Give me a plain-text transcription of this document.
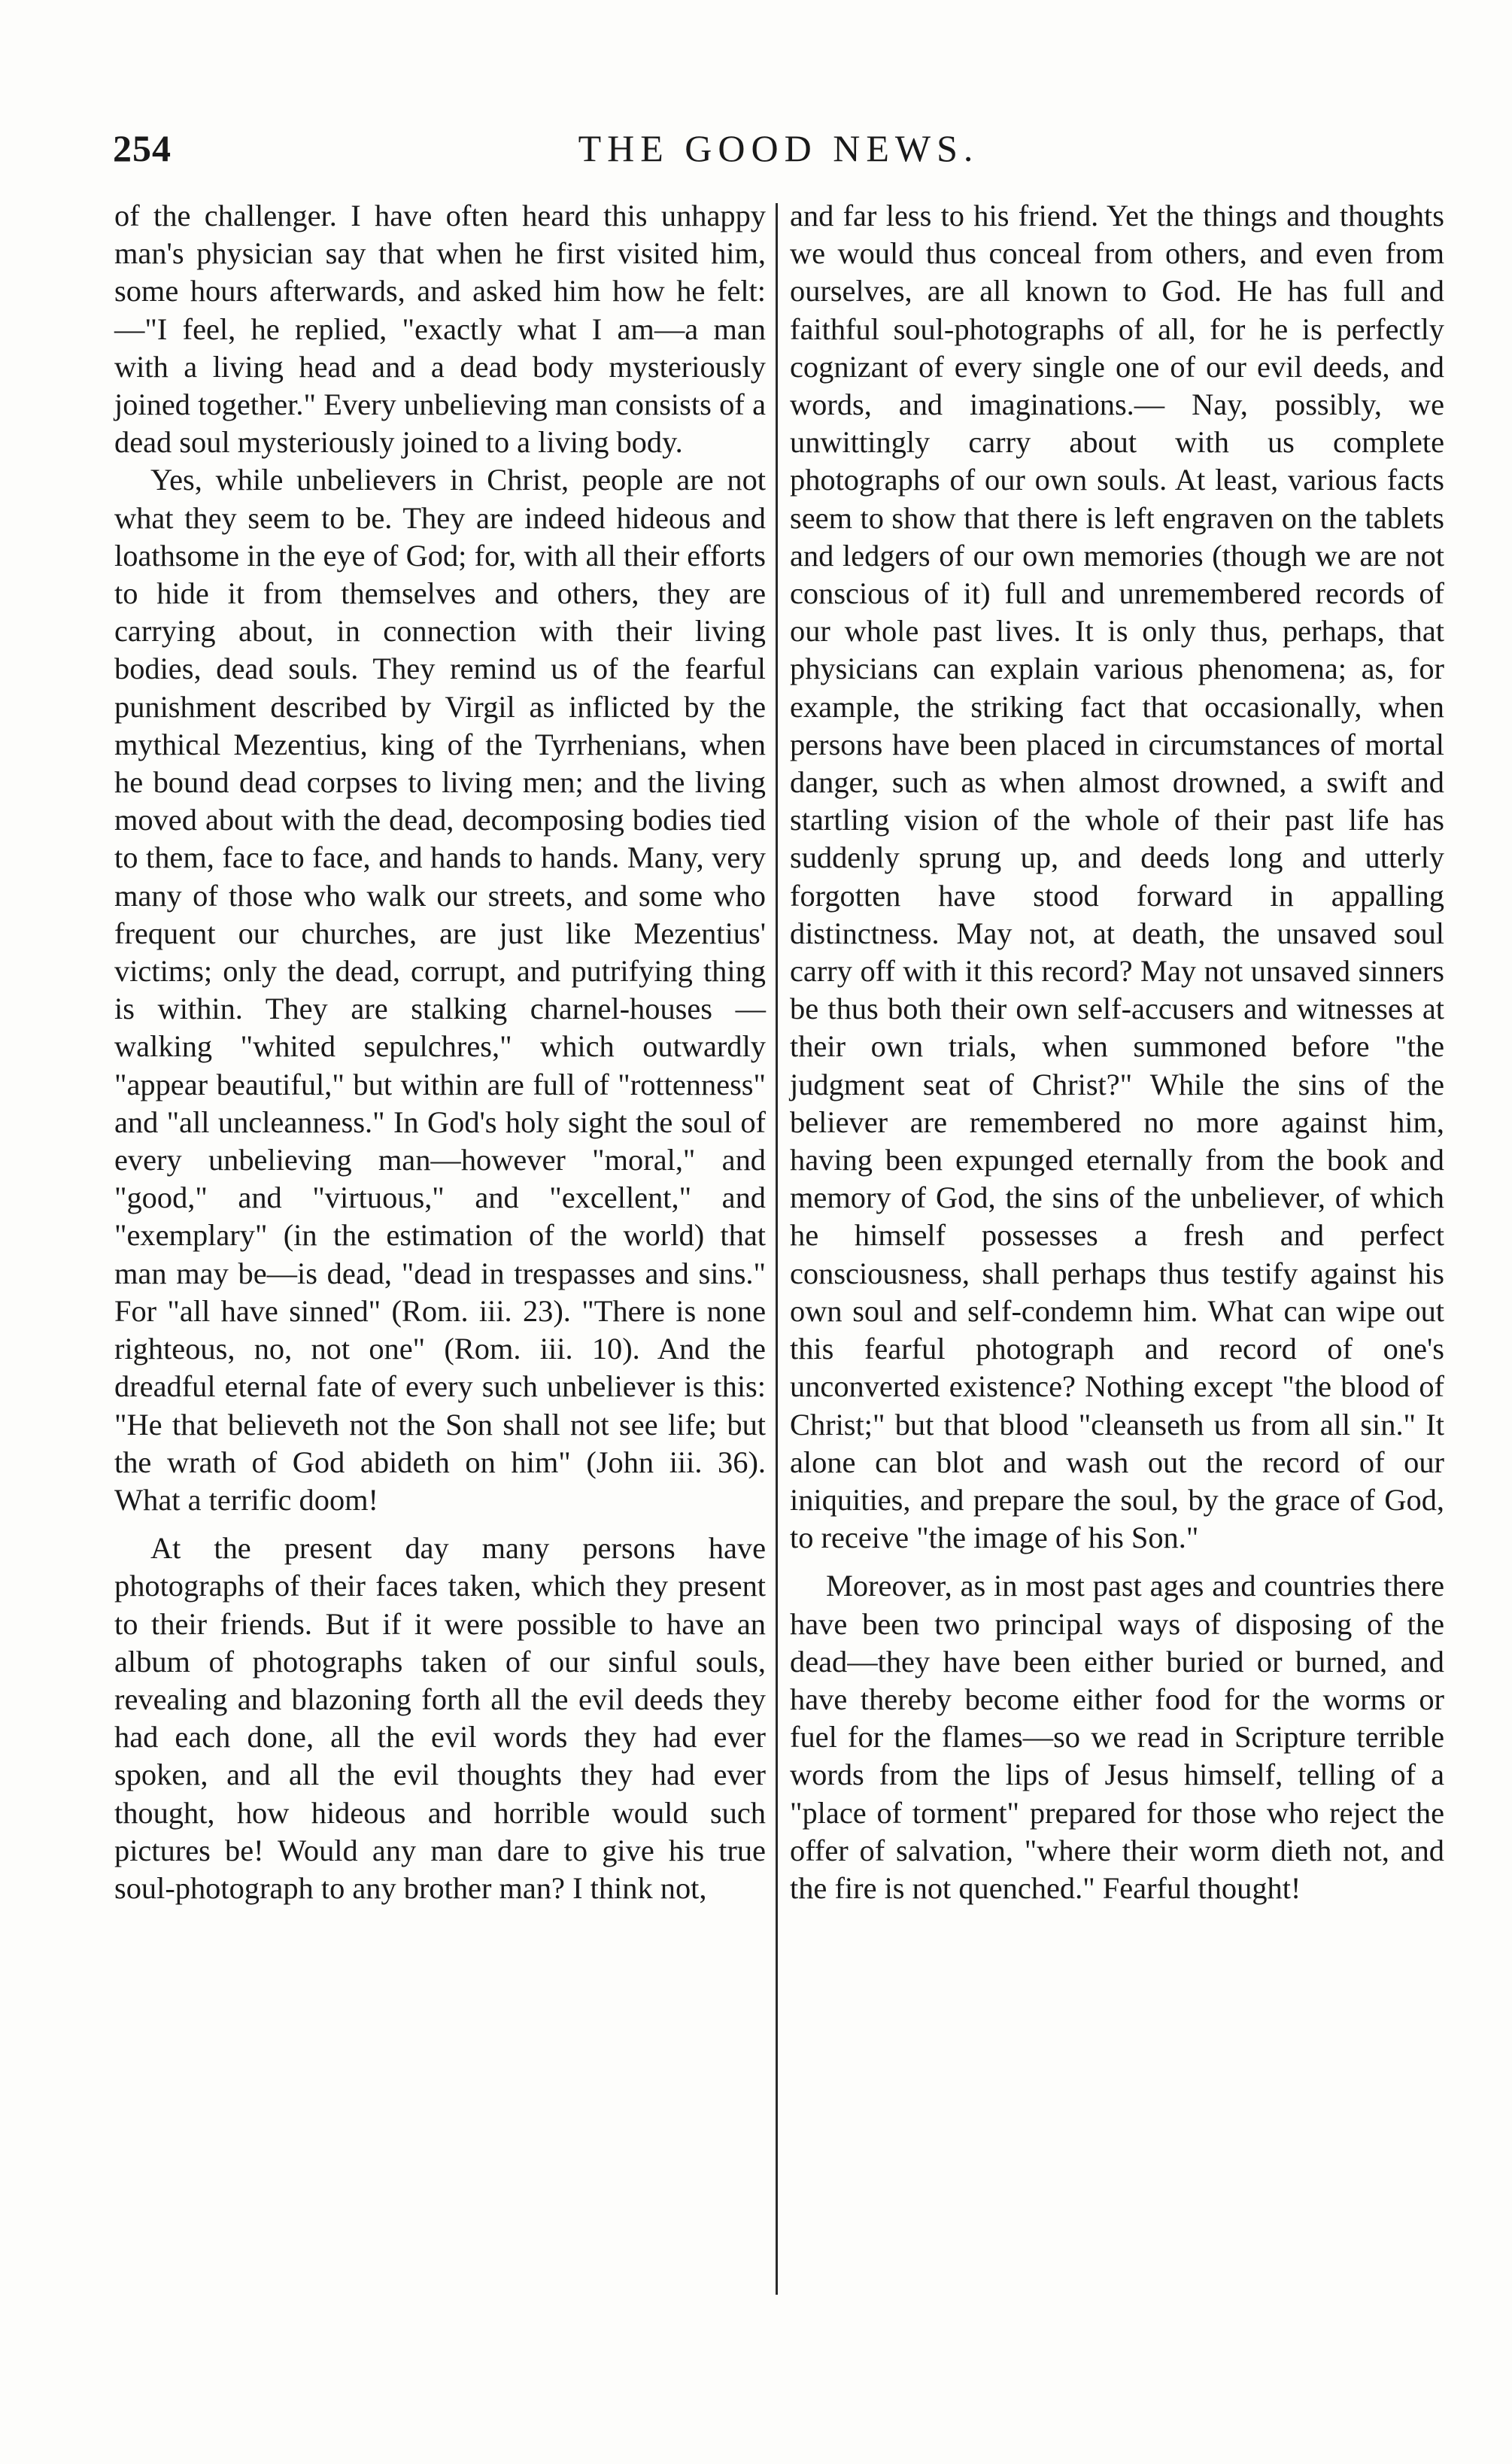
254	THE GOOD NEWS.

of the challenger. I have often heard this unhappy man's physician say that when he first visited him, some hours afterwards, and asked him how he felt:—"I feel, he replied, "exactly what I am—a man with a living head and a dead body mysteriously joined together." Every unbelieving man consists of a dead soul mysteriously joined to a living body.

Yes, while unbelievers in Christ, people are not what they seem to be. They are indeed hideous and loathsome in the eye of God; for, with all their efforts to hide it from themselves and others, they are carrying about, in connection with their living bodies, dead souls. They remind us of the fearful punishment described by Virgil as inflicted by the mythical Mezentius, king of the Tyrrhenians, when he bound dead corpses to living men; and the living moved about with the dead, decomposing bodies tied to them, face to face, and hands to hands. Many, very many of those who walk our streets, and some who frequent our churches, are just like Mezentius' victims; only the dead, corrupt, and putrifying thing is within. They are stalking charnel-houses —walking "whited sepulchres," which outwardly "appear beautiful," but within are full of "rottenness" and "all uncleanness." In God's holy sight the soul of every unbelieving man—however "moral," and "good," and "virtuous," and "excellent," and "exemplary" (in the estimation of the world) that man may be—is dead, "dead in trespasses and sins." For "all have sinned" (Rom. iii. 23). "There is none righteous, no, not one" (Rom. iii. 10). And the dreadful eternal fate of every such unbeliever is this: "He that believeth not the Son shall not see life; but the wrath of God abideth on him" (John iii. 36). What a terrific doom!

At the present day many persons have photographs of their faces taken, which they present to their friends. But if it were possible to have an album of photographs taken of our sinful souls, revealing and blazoning forth all the evil deeds they had each done, all the evil words they had ever spoken, and all the evil thoughts they had ever thought, how hideous and horrible would such pictures be! Would any man dare to give his true soul-photograph to any brother man? I think not,

and far less to his friend. Yet the things and thoughts we would thus conceal from others, and even from ourselves, are all known to God. He has full and faithful soul-photographs of all, for he is perfectly cognizant of every single one of our evil deeds, and words, and imaginations.— Nay, possibly, we unwittingly carry about with us complete photographs of our own souls. At least, various facts seem to show that there is left engraven on the tablets and ledgers of our own memories (though we are not conscious of it) full and unremembered records of our whole past lives. It is only thus, perhaps, that physicians can explain various phenomena; as, for example, the striking fact that occasionally, when persons have been placed in circumstances of mortal danger, such as when almost drowned, a swift and startling vision of the whole of their past life has suddenly sprung up, and deeds long and utterly forgotten have stood forward in appalling distinctness. May not, at death, the unsaved soul carry off with it this record? May not unsaved sinners be thus both their own self-accusers and witnesses at their own trials, when summoned before "the judgment seat of Christ?" While the sins of the believer are remembered no more against him, having been expunged eternally from the book and memory of God, the sins of the unbeliever, of which he himself possesses a fresh and perfect consciousness, shall perhaps thus testify against his own soul and self-condemn him. What can wipe out this fearful photograph and record of one's unconverted existence? Nothing except "the blood of Christ;" but that blood "cleanseth us from all sin." It alone can blot and wash out the record of our iniquities, and prepare the soul, by the grace of God, to receive "the image of his Son."

Moreover, as in most past ages and countries there have been two principal ways of disposing of the dead—they have been either buried or burned, and have thereby become either food for the worms or fuel for the flames—so we read in Scripture terrible words from the lips of Jesus himself, telling of a "place of torment" prepared for those who reject the offer of salvation, "where their worm dieth not, and the fire is not quenched." Fearful thought!
